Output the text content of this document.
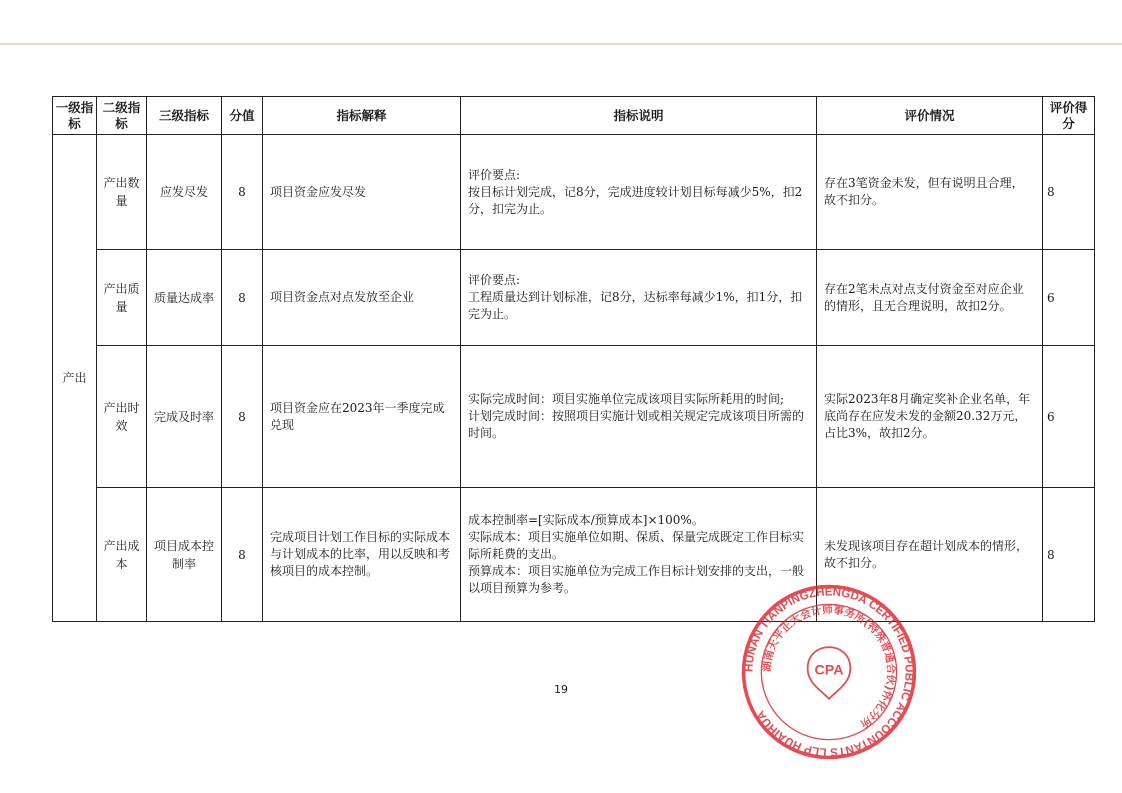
一级指标	二级指标	三级指标	分值	指标解释	指标说明	评价情况	评价得分
产出	产出数量	应发尽发	8	项目资金应发尽发	评价要点:
按目标计划完成，记8分，完成进度较计划目标每减少5%，扣2分，扣完为止。	存在3笔资金未发，但有说明且合理，故不扣分。	8
	产出质量	质量达成率	8	项目资金点对点发放至企业	评价要点:
工程质量达到计划标准，记8分，达标率每减少1%，扣1分，扣完为止。	存在2笔未点对点支付资金至对应企业的情形，且无合理说明，故扣2分。	6
	产出时效	完成及时率	8	项目资金应在2023年一季度完成兑现	实际完成时间：项目实施单位完成该项目实际所耗用的时间;
计划完成时间：按照项目实施计划或相关规定完成该项目所需的时间。	实际2023年8月确定奖补企业名单，年底尚存在应发未发的金额20.32万元，占比3%，故扣2分。	6
	产出成本	项目成本控制率	8	完成项目计划工作目标的实际成本与计划成本的比率，用以反映和考核项目的成本控制。	成本控制率=[实际成本/预算成本]×100%。
实际成本：项目实施单位如期、保质、保量完成既定工作目标实际所耗费的支出。
预算成本：项目实施单位为完成工作目标计划安排的支出，一般以项目预算为参考。	未发现该项目存在超计划成本的情形，故不扣分。	8
19
HUNAN TIANPINGZHENGDA CERTIFIED PUBLIC ACCOUNTANTS LLP HUAIHUA
湖南天平正大会计师事务所(特殊普通合伙)怀化分所
CPA
